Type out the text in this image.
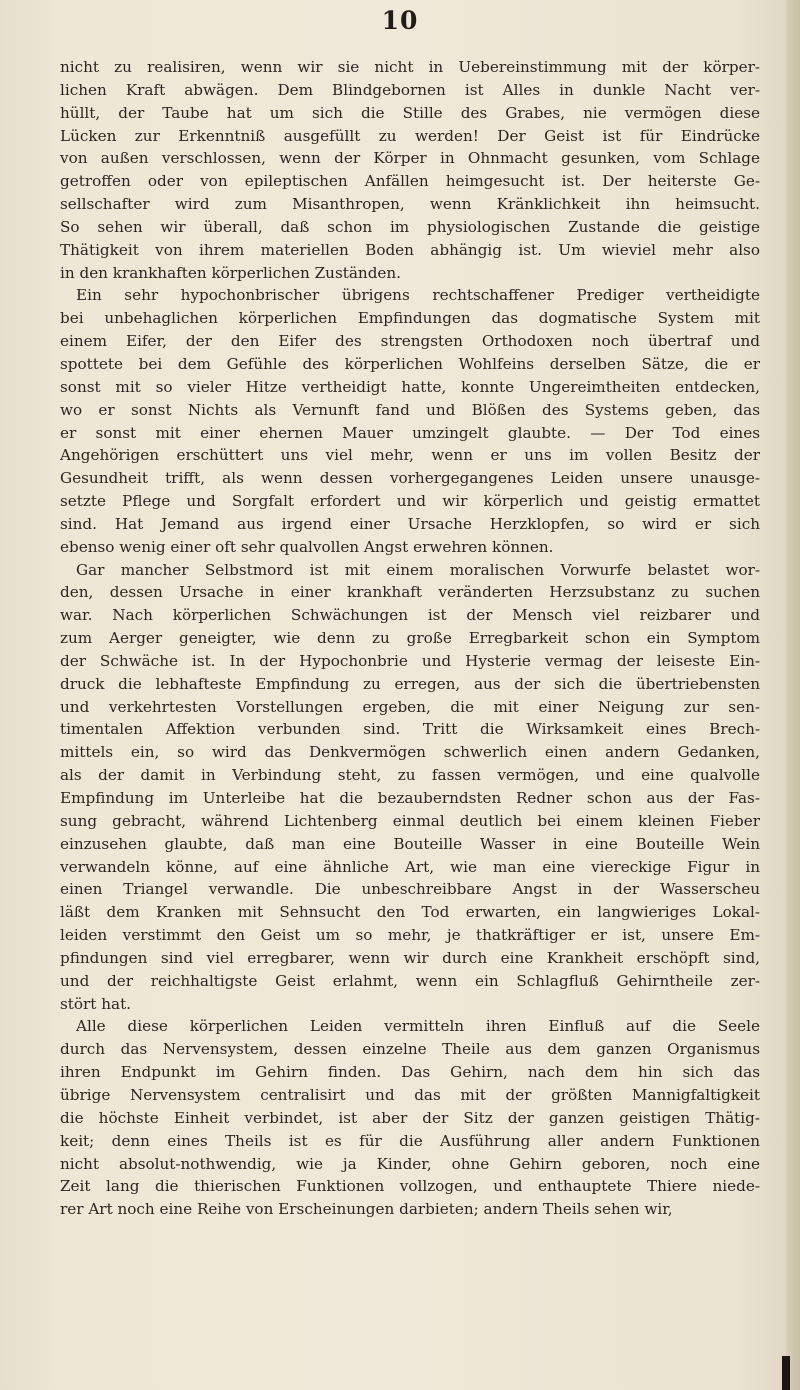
10
nicht zu realisiren, wenn wir sie nicht in Uebereinstimmung mit der körper-
lichen Kraft abwägen. Dem Blindgebornen ist Alles in dunkle Nacht ver-
hüllt, der Taube hat um sich die Stille des Grabes, nie vermögen diese
Lücken zur Erkenntniß ausgefüllt zu werden! Der Geist ist für Eindrücke
von außen verschlossen, wenn der Körper in Ohnmacht gesunken, vom Schlage
getroffen oder von epileptischen Anfällen heimgesucht ist. Der heiterste Ge-
sellschafter wird zum Misanthropen, wenn Kränklichkeit ihn heimsucht.
So sehen wir überall, daß schon im physiologischen Zustande die geistige
Thätigkeit von ihrem materiellen Boden abhängig ist. Um wieviel mehr also
in den krankhaften körperlichen Zuständen.
Ein sehr hypochonbrischer übrigens rechtschaffener Prediger vertheidigte
bei unbehaglichen körperlichen Empfindungen das dogmatische System mit
einem Eifer, der den Eifer des strengsten Orthodoxen noch übertraf und
spottete bei dem Gefühle des körperlichen Wohlfeins derselben Sätze, die er
sonst mit so vieler Hitze vertheidigt hatte, konnte Ungereimtheiten entdecken,
wo er sonst Nichts als Vernunft fand und Blößen des Systems geben, das
er sonst mit einer ehernen Mauer umzingelt glaubte. — Der Tod eines
Angehörigen erschüttert uns viel mehr, wenn er uns im vollen Besitz der
Gesundheit trifft, als wenn dessen vorhergegangenes Leiden unsere unausge-
setzte Pflege und Sorgfalt erfordert und wir körperlich und geistig ermattet
sind. Hat Jemand aus irgend einer Ursache Herzklopfen, so wird er sich
ebenso wenig einer oft sehr qualvollen Angst erwehren können.
Gar mancher Selbstmord ist mit einem moralischen Vorwurfe belastet wor-
den, dessen Ursache in einer krankhaft veränderten Herzsubstanz zu suchen
war. Nach körperlichen Schwächungen ist der Mensch viel reizbarer und
zum Aerger geneigter, wie denn zu große Erregbarkeit schon ein Symptom
der Schwäche ist. In der Hypochonbrie und Hysterie vermag der leiseste Ein-
druck die lebhafteste Empfindung zu erregen, aus der sich die übertriebensten
und verkehrtesten Vorstellungen ergeben, die mit einer Neigung zur sen-
timentalen Affektion verbunden sind. Tritt die Wirksamkeit eines Brech-
mittels ein, so wird das Denkvermögen schwerlich einen andern Gedanken,
als der damit in Verbindung steht, zu fassen vermögen, und eine qualvolle
Empfindung im Unterleibe hat die bezauberndsten Redner schon aus der Fas-
sung gebracht, während Lichtenberg einmal deutlich bei einem kleinen Fieber
einzusehen glaubte, daß man eine Bouteille Wasser in eine Bouteille Wein
verwandeln könne, auf eine ähnliche Art, wie man eine viereckige Figur in
einen Triangel verwandle. Die unbeschreibbare Angst in der Wasserscheu
läßt dem Kranken mit Sehnsucht den Tod erwarten, ein langwieriges Lokal-
leiden verstimmt den Geist um so mehr, je thatkräftiger er ist, unsere Em-
pfindungen sind viel erregbarer, wenn wir durch eine Krankheit erschöpft sind,
und der reichhaltigste Geist erlahmt, wenn ein Schlagfluß Gehirntheile zer-
stört hat.
Alle diese körperlichen Leiden vermitteln ihren Einfluß auf die Seele
durch das Nervensystem, dessen einzelne Theile aus dem ganzen Organismus
ihren Endpunkt im Gehirn finden. Das Gehirn, nach dem hin sich das
übrige Nervensystem centralisirt und das mit der größten Mannigfaltigkeit
die höchste Einheit verbindet, ist aber der Sitz der ganzen geistigen Thätig-
keit; denn eines Theils ist es für die Ausführung aller andern Funktionen
nicht absolut-nothwendig, wie ja Kinder, ohne Gehirn geboren, noch eine
Zeit lang die thierischen Funktionen vollzogen, und enthauptete Thiere niede-
rer Art noch eine Reihe von Erscheinungen darbieten; andern Theils sehen wir,
